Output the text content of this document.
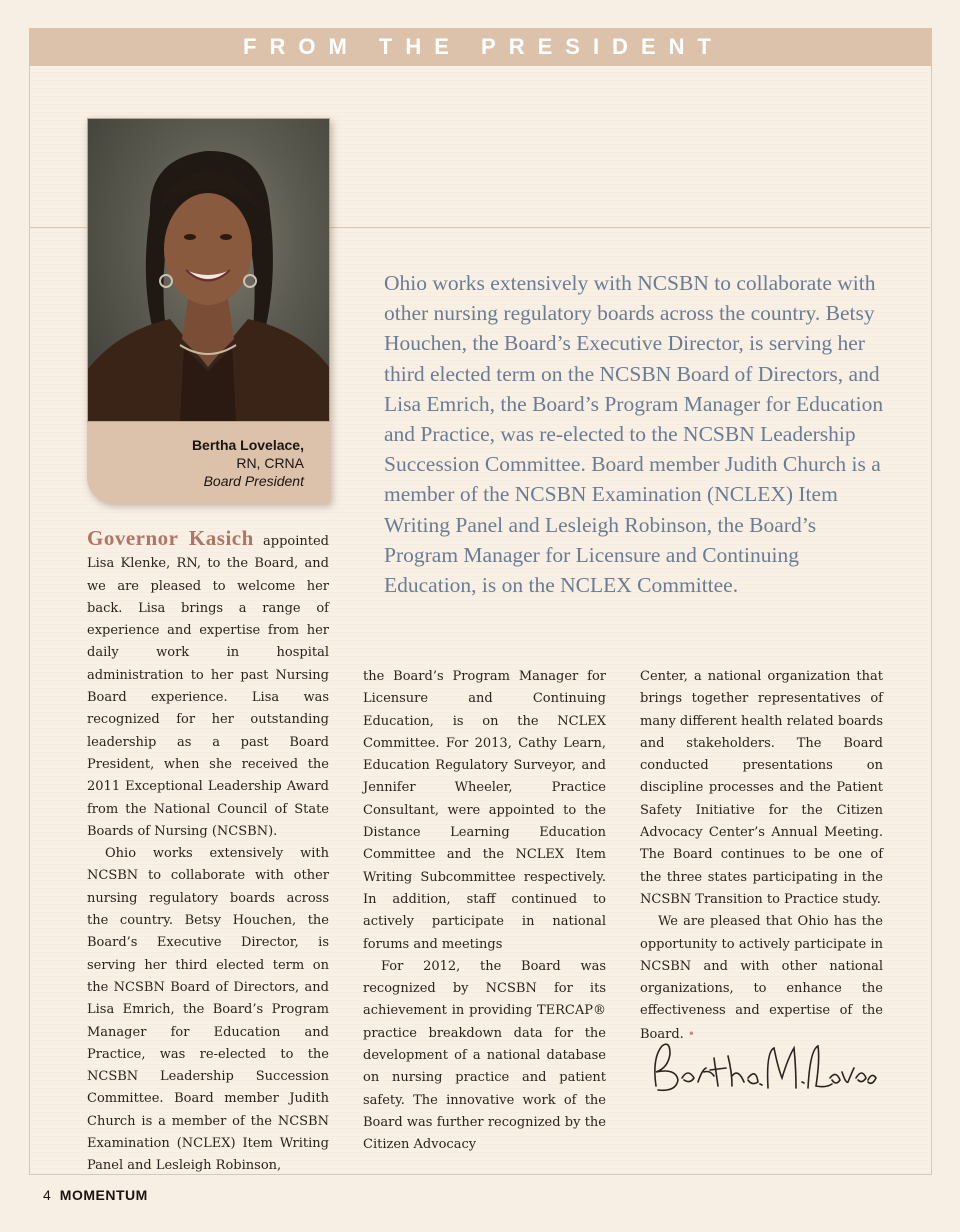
FROM THE PRESIDENT
Bertha Lovelace,
RN, CRNA
Board President
Ohio works extensively with NCSBN to collaborate with other nursing regulatory boards across the country. Betsy Houchen, the Board’s Executive Director, is serving her third elected term on the NCSBN Board of Directors, and Lisa Emrich, the Board’s Program Manager for Education and Practice, was re-elected to the NCSBN Leadership Succession Committee. Board member Judith Church is a member of the NCSBN Examination (NCLEX) Item Writing Panel and Lesleigh Robinson, the Board’s Program Manager for Licensure and Continuing Education, is on the NCLEX Committee.

Governor Kasich appointed Lisa Klenke, RN, to the Board, and we are pleased to welcome her back. Lisa brings a range of experience and expertise from her daily work in hospital administration to her past Nursing Board experience. Lisa was recognized for her outstanding leadership as a past Board President, when she received the 2011 Exceptional Leadership Award from the National Council of State Boards of Nursing (NCSBN).

Ohio works extensively with NCSBN to collaborate with other nursing regulatory boards across the country. Betsy Houchen, the Board’s Executive Director, is serving her third elected term on the NCSBN Board of Directors, and Lisa Emrich, the Board’s Program Manager for Education and Practice, was re-elected to the NCSBN Leadership Succession Committee. Board member Judith Church is a member of the NCSBN Examination (NCLEX) Item Writing Panel and Lesleigh Robinson,

the Board’s Program Manager for Licensure and Continuing Education, is on the NCLEX Committee. For 2013, Cathy Learn, Education Regulatory Surveyor, and Jennifer Wheeler, Practice Consultant, were appointed to the Distance Learning Education Committee and the NCLEX Item Writing Subcommittee respectively. In addition, staff continued to actively participate in national forums and meetings

For 2012, the Board was recognized by NCSBN for its achievement in providing TERCAP® practice breakdown data for the development of a national database on nursing practice and patient safety. The innovative work of the Board was further recognized by the Citizen Advocacy

Center, a national organization that brings together representatives of many different health related boards and stakeholders. The Board conducted presentations on discipline processes and the Patient Safety Initiative for the Citizen Advocacy Center’s Annual Meeting. The Board continues to be one of the three states participating in the NCSBN Transition to Practice study.

We are pleased that Ohio has the opportunity to actively participate in NCSBN and with other national organizations, to enhance the effectiveness and expertise of the Board. •

4 MOMENTUM
